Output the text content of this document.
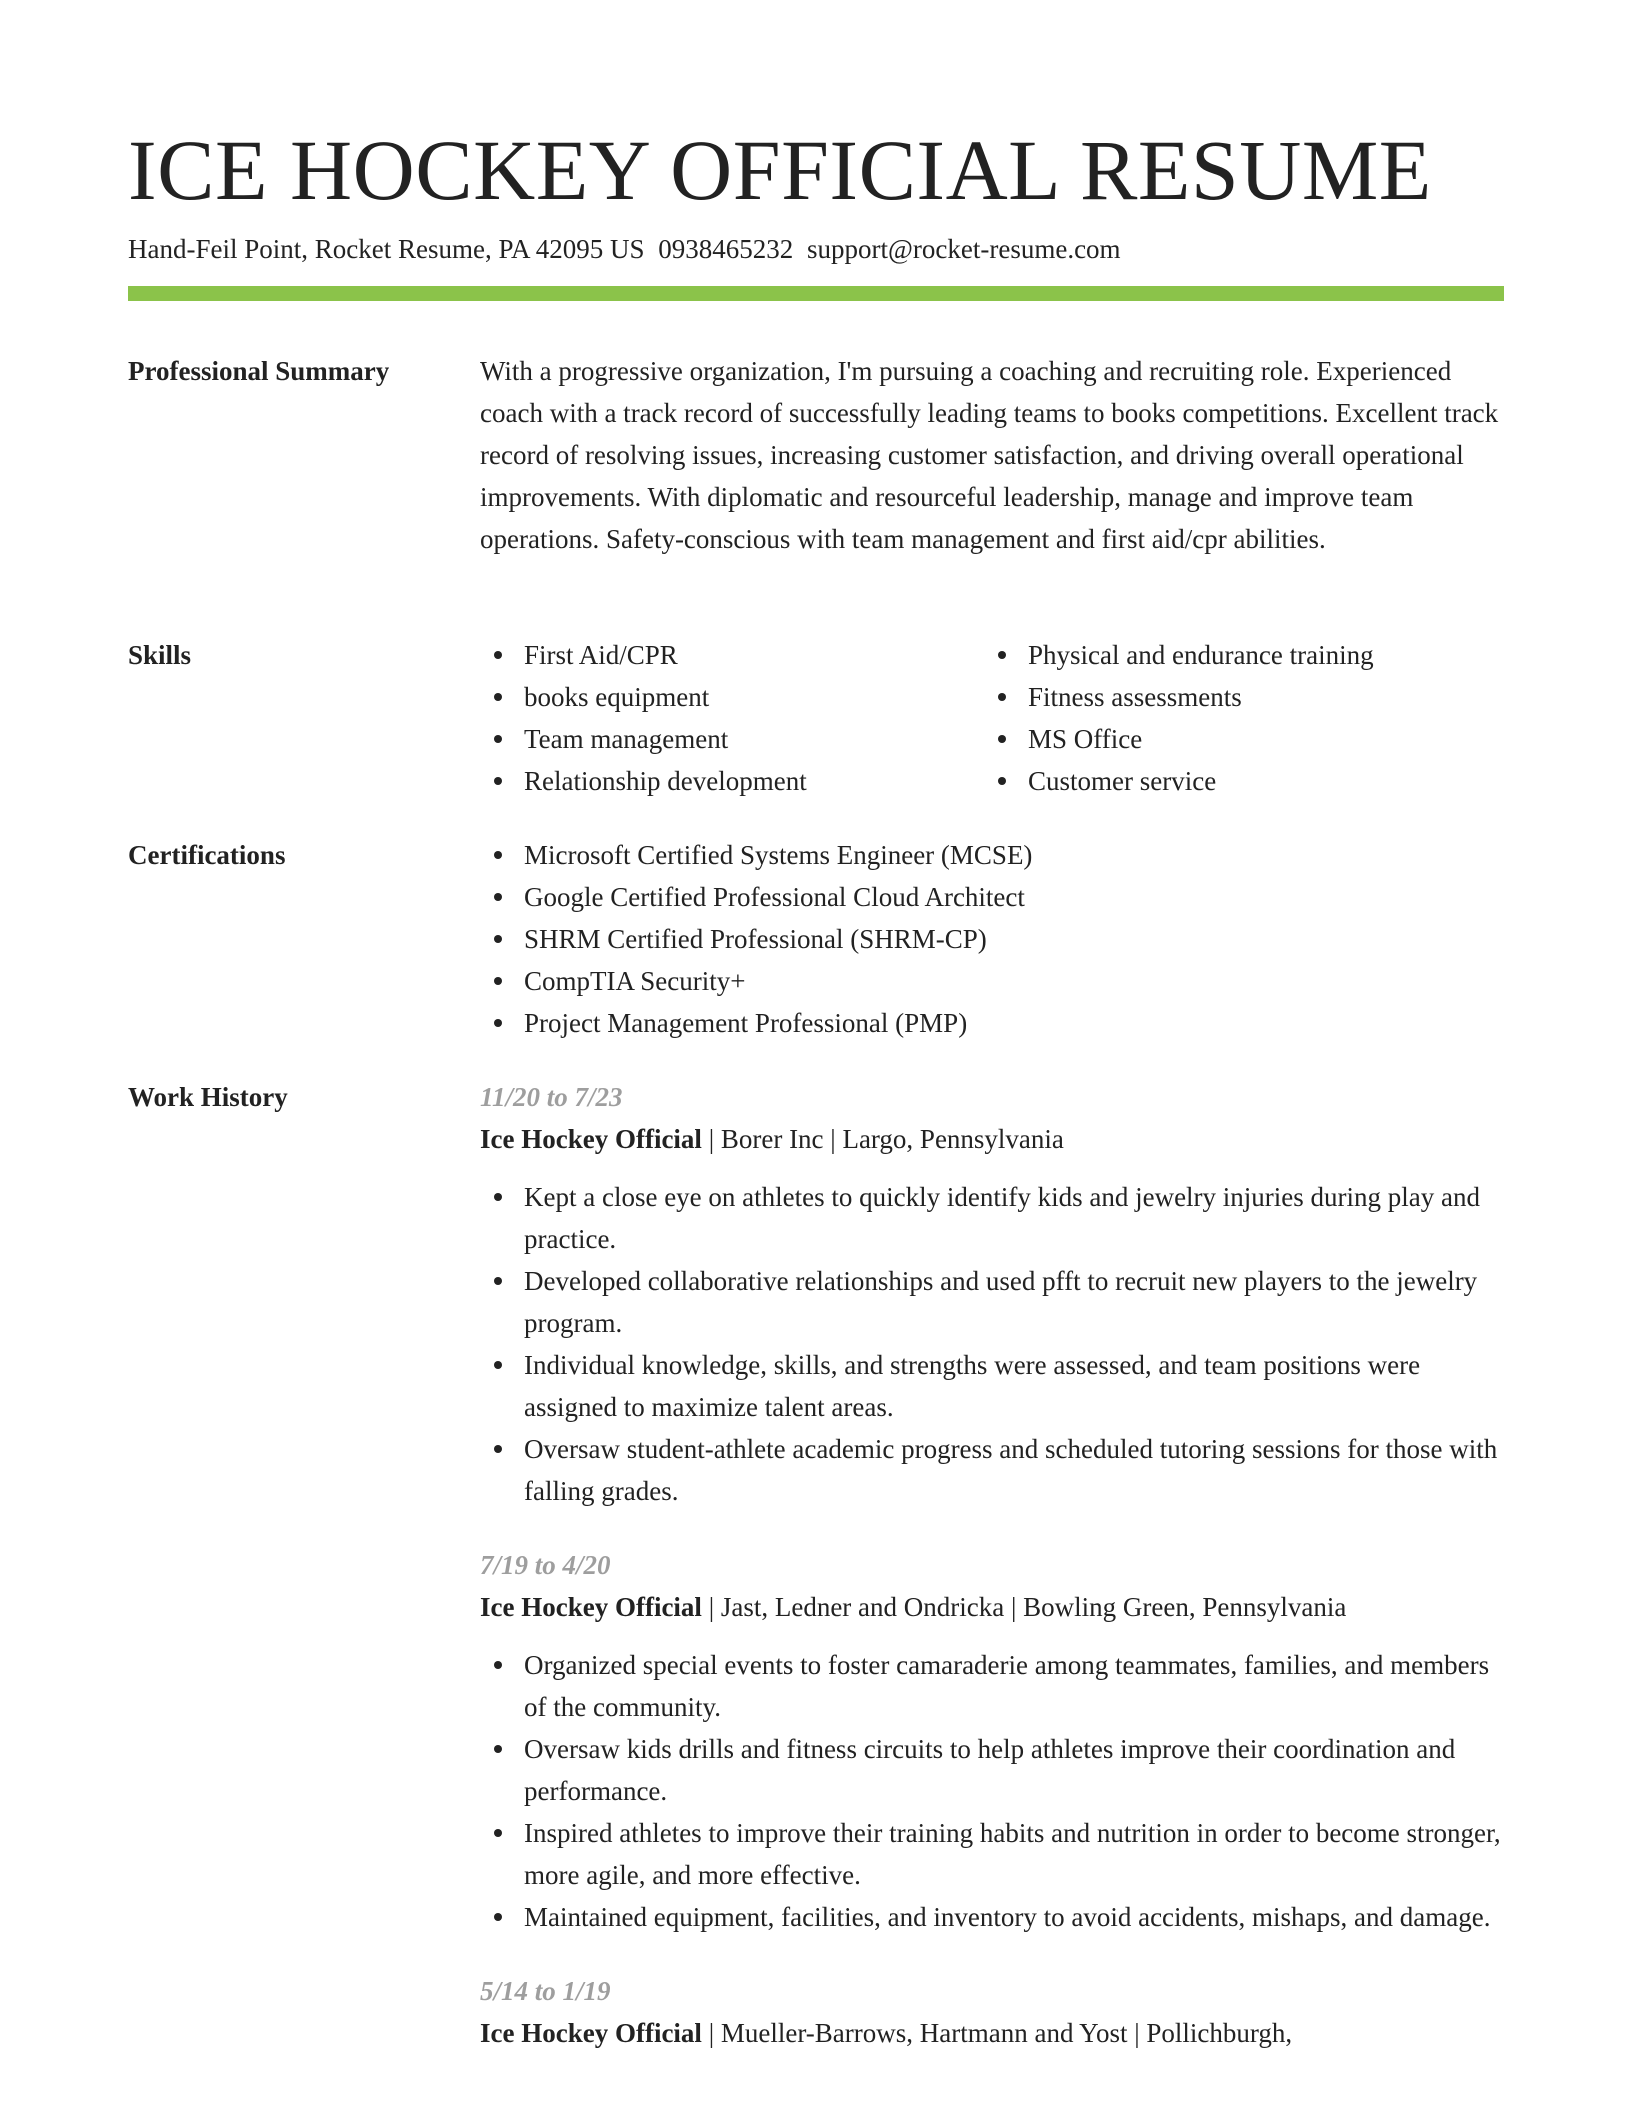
ICE HOCKEY OFFICIAL RESUME
Hand-Feil Point, Rocket Resume, PA 42095 US 0938465232 support@rocket-resume.com
Professional Summary	With a progressive organization, I'm pursuing a coaching and recruiting role. Experienced coach with a track record of successfully leading teams to books competitions. Excellent track record of resolving issues, increasing customer satisfaction, and driving overall operational improvements. With diplomatic and resourceful leadership, manage and improve team operations. Safety-conscious with team management and first aid/cpr abilities.
Skills	First Aid/CPR
books equipment
Team management
Relationship development
Physical and endurance training
Fitness assessments
MS Office
Customer service
Certifications	Microsoft Certified Systems Engineer (MCSE)
Google Certified Professional Cloud Architect
SHRM Certified Professional (SHRM-CP)
CompTIA Security+
Project Management Professional (PMP)
Work History	11/20 to 7/23
Ice Hockey Official | Borer Inc | Largo, Pennsylvania
Kept a close eye on athletes to quickly identify kids and jewelry injuries during play and practice.
Developed collaborative relationships and used pfft to recruit new players to the jewelry program.
Individual knowledge, skills, and strengths were assessed, and team positions were assigned to maximize talent areas.
Oversaw student-athlete academic progress and scheduled tutoring sessions for those with falling grades.
7/19 to 4/20
Ice Hockey Official | Jast, Ledner and Ondricka | Bowling Green, Pennsylvania
Organized special events to foster camaraderie among teammates, families, and members of the community.
Oversaw kids drills and fitness circuits to help athletes improve their coordination and performance.
Inspired athletes to improve their training habits and nutrition in order to become stronger, more agile, and more effective.
Maintained equipment, facilities, and inventory to avoid accidents, mishaps, and damage.
5/14 to 1/19
Ice Hockey Official | Mueller-Barrows, Hartmann and Yost | Pollichburgh,
